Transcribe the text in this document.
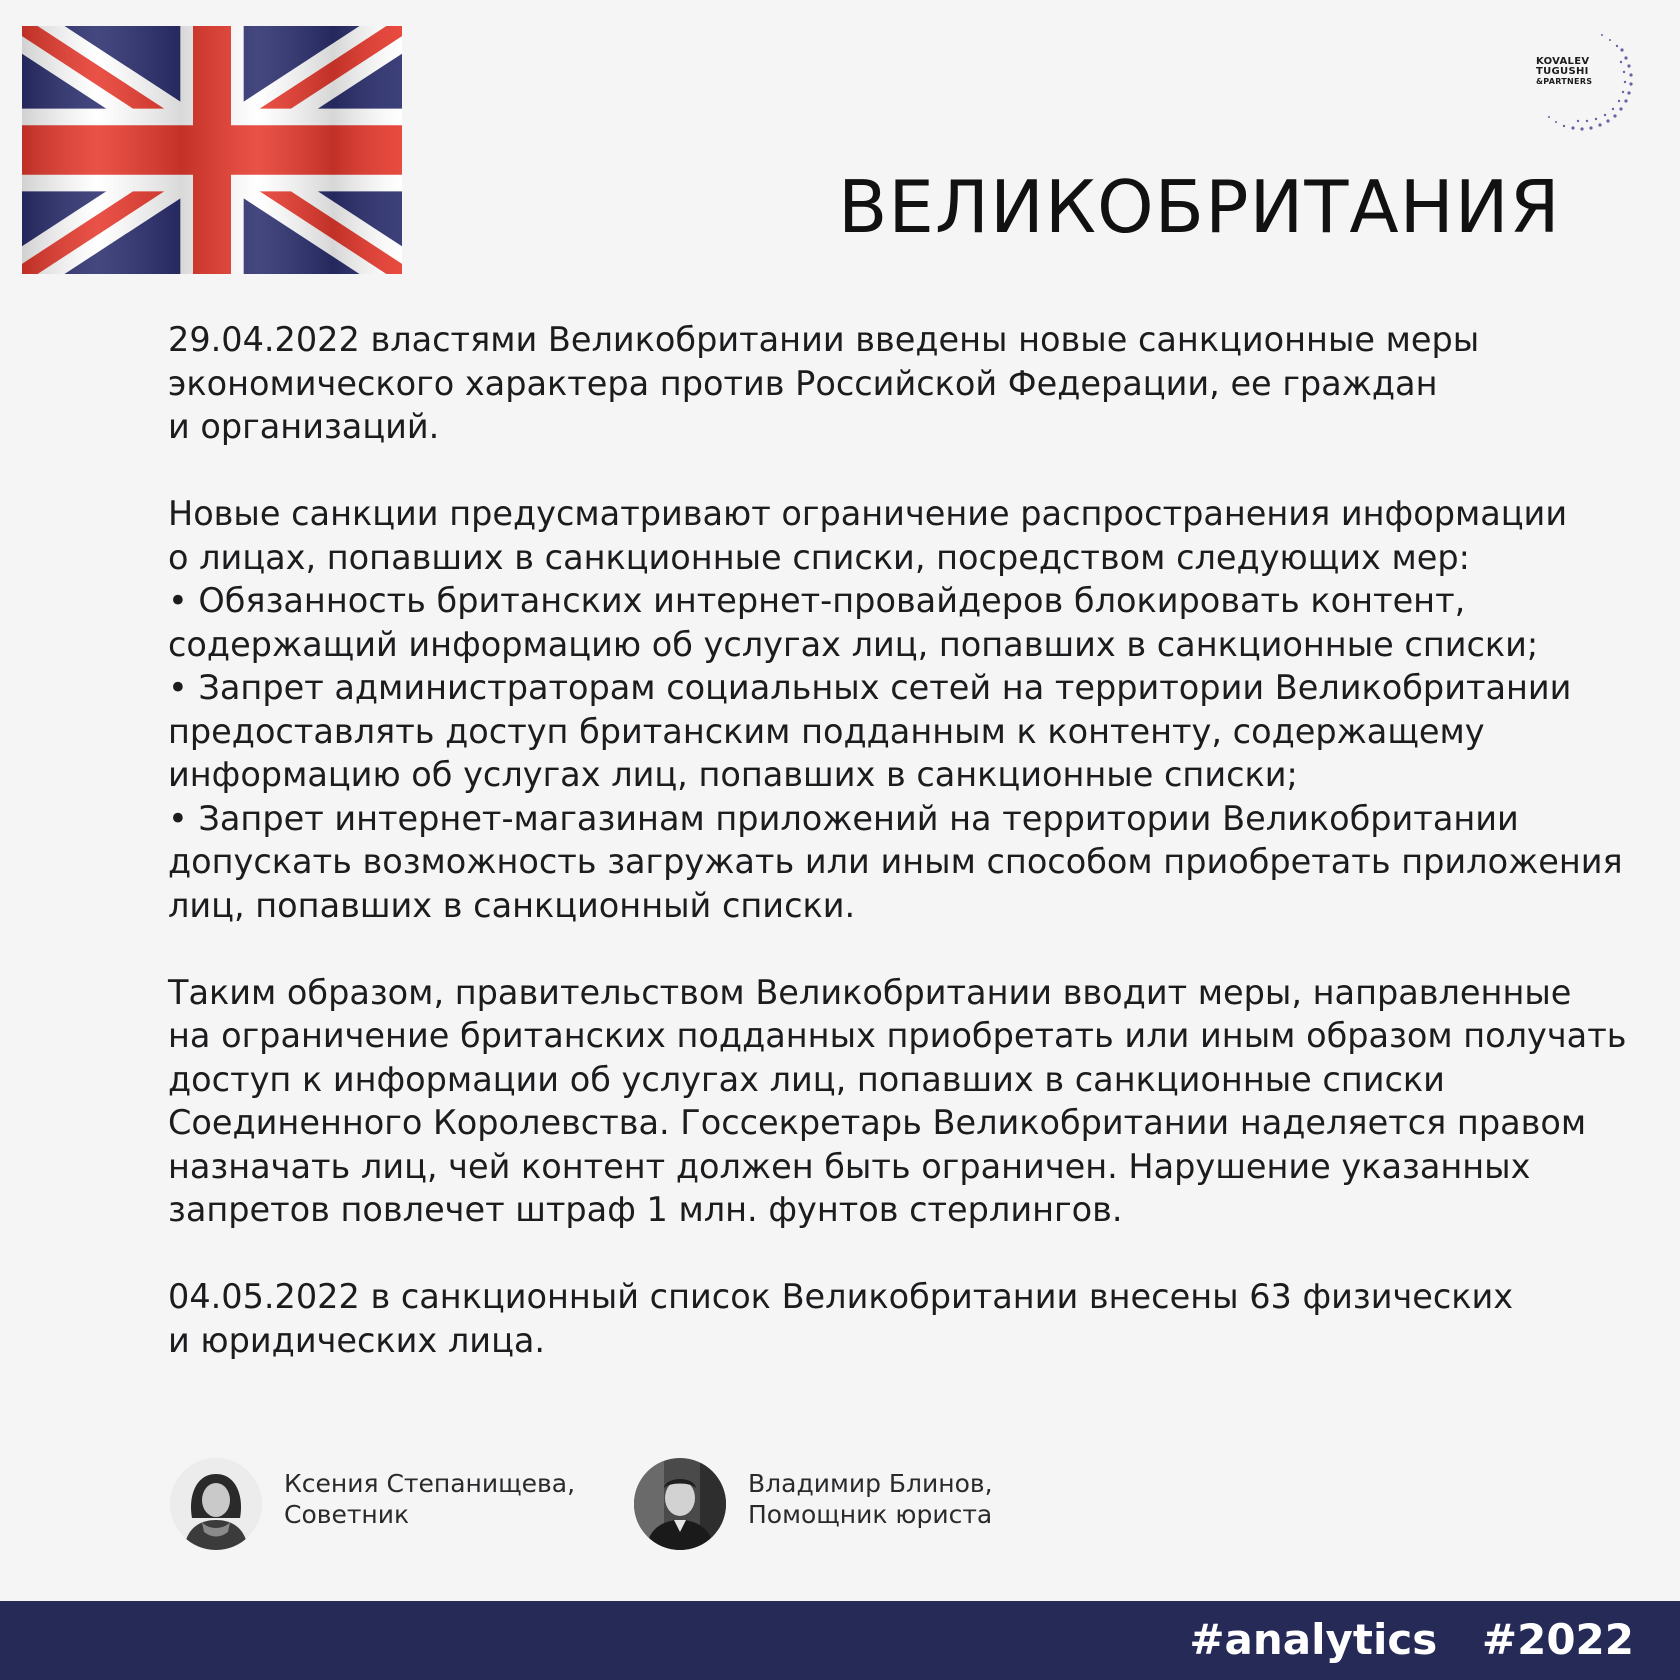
KOVALEV
TUGUSHI
&PARTNERS
ВЕЛИКОБРИТАНИЯ
29.04.2022 властями Великобритании введены новые санкционные меры
экономического характера против Российской Федерации, ее граждан
и организаций.
Новые санкции предусматривают ограничение распространения информации
о лицах, попавших в санкционные списки, посредством следующих мер:
• Обязанность британских интернет-провайдеров блокировать контент,
содержащий информацию об услугах лиц, попавших в санкционные списки;
• Запрет администраторам социальных сетей на территории Великобритании
предоставлять доступ британским подданным к контенту, содержащему
информацию об услугах лиц, попавших в санкционные списки;
• Запрет интернет-магазинам приложений на территории Великобритании
допускать возможность загружать или иным способом приобретать приложения
лиц, попавших в санкционный списки.
Таким образом, правительством Великобритании вводит меры, направленные
на ограничение британских подданных приобретать или иным образом получать
доступ к информации об услугах лиц, попавших в санкционные списки
Соединенного Королевства. Госсекретарь Великобритании наделяется правом
назначать лиц, чей контент должен быть ограничен. Нарушение указанных
запретов повлечет штраф 1 млн. фунтов стерлингов.
04.05.2022 в санкционный список Великобритании внесены 63 физических
и юридических лица.
Ксения Степанищева,
Советник
Владимир Блинов,
Помощник юриста
#analytics #2022
